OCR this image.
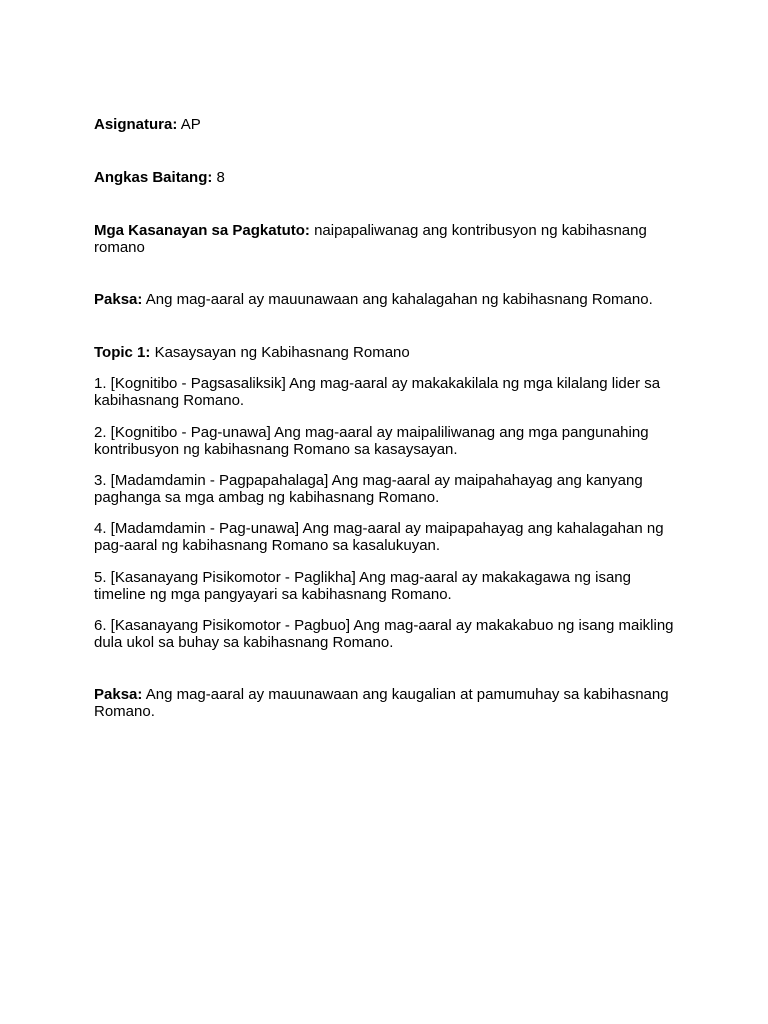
Asignatura: AP

Angkas Baitang: 8

Mga Kasanayan sa Pagkatuto: naipapaliwanag ang kontribusyon ng kabihasnang romano

Paksa: Ang mag-aaral ay mauunawaan ang kahalagahan ng kabihasnang Romano.

Topic 1: Kasaysayan ng Kabihasnang Romano

1. [Kognitibo - Pagsasaliksik] Ang mag-aaral ay makakakilala ng mga kilalang lider sa kabihasnang Romano.

2. [Kognitibo - Pag-unawa] Ang mag-aaral ay maipaliliwanag ang mga pangunahing kontribusyon ng kabihasnang Romano sa kasaysayan.

3. [Madamdamin - Pagpapahalaga] Ang mag-aaral ay maipahahayag ang kanyang paghanga sa mga ambag ng kabihasnang Romano.

4. [Madamdamin - Pag-unawa] Ang mag-aaral ay maipapahayag ang kahalagahan ng pag-aaral ng kabihasnang Romano sa kasalukuyan.

5. [Kasanayang Pisikomotor - Paglikha] Ang mag-aaral ay makakagawa ng isang timeline ng mga pangyayari sa kabihasnang Romano.

6. [Kasanayang Pisikomotor - Pagbuo] Ang mag-aaral ay makakabuo ng isang maikling dula ukol sa buhay sa kabihasnang Romano.

Paksa: Ang mag-aaral ay mauunawaan ang kaugalian at pamumuhay sa kabihasnang Romano.
